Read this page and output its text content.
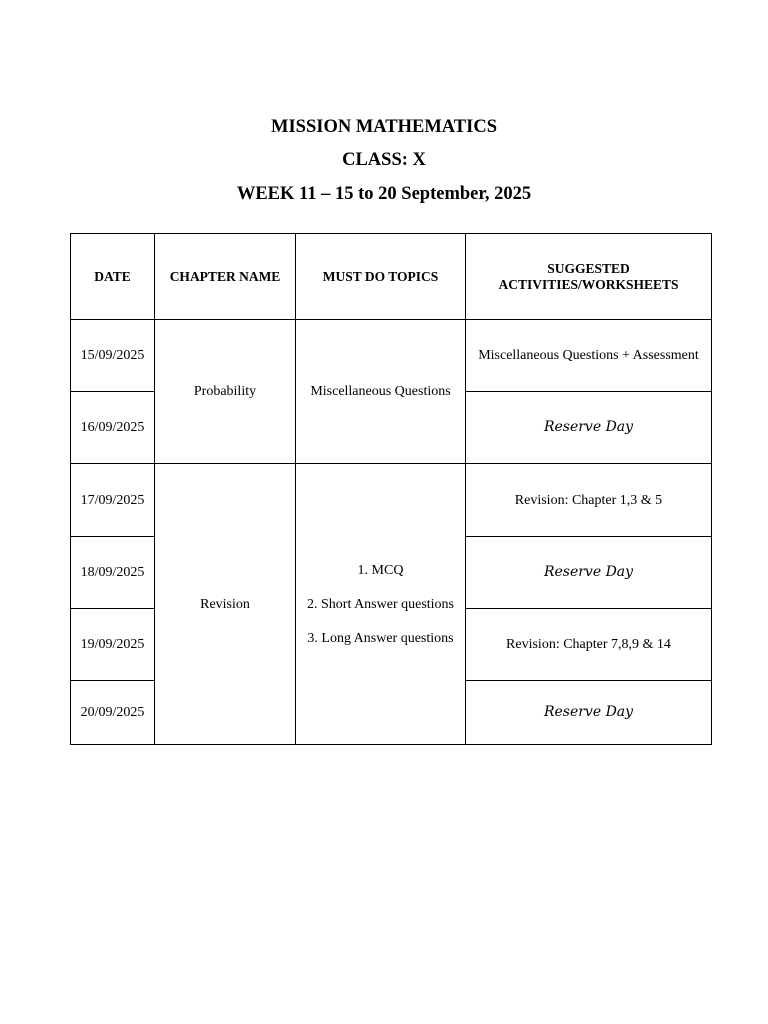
MISSION MATHEMATICS
CLASS: X
WEEK 11 – 15 to 20 September, 2025
DATE	CHAPTER NAME	MUST DO TOPICS	SUGGESTED ACTIVITIES/WORKSHEETS
15/09/2025	Probability	Miscellaneous Questions	Miscellaneous Questions + Assessment
16/09/2025			Reserve Day
17/09/2025	Revision	1. MCQ
2. Short Answer questions
3. Long Answer questions	Revision: Chapter 1,3 & 5
18/09/2025			Reserve Day
19/09/2025			Revision: Chapter 7,8,9 & 14
20/09/2025			Reserve Day
